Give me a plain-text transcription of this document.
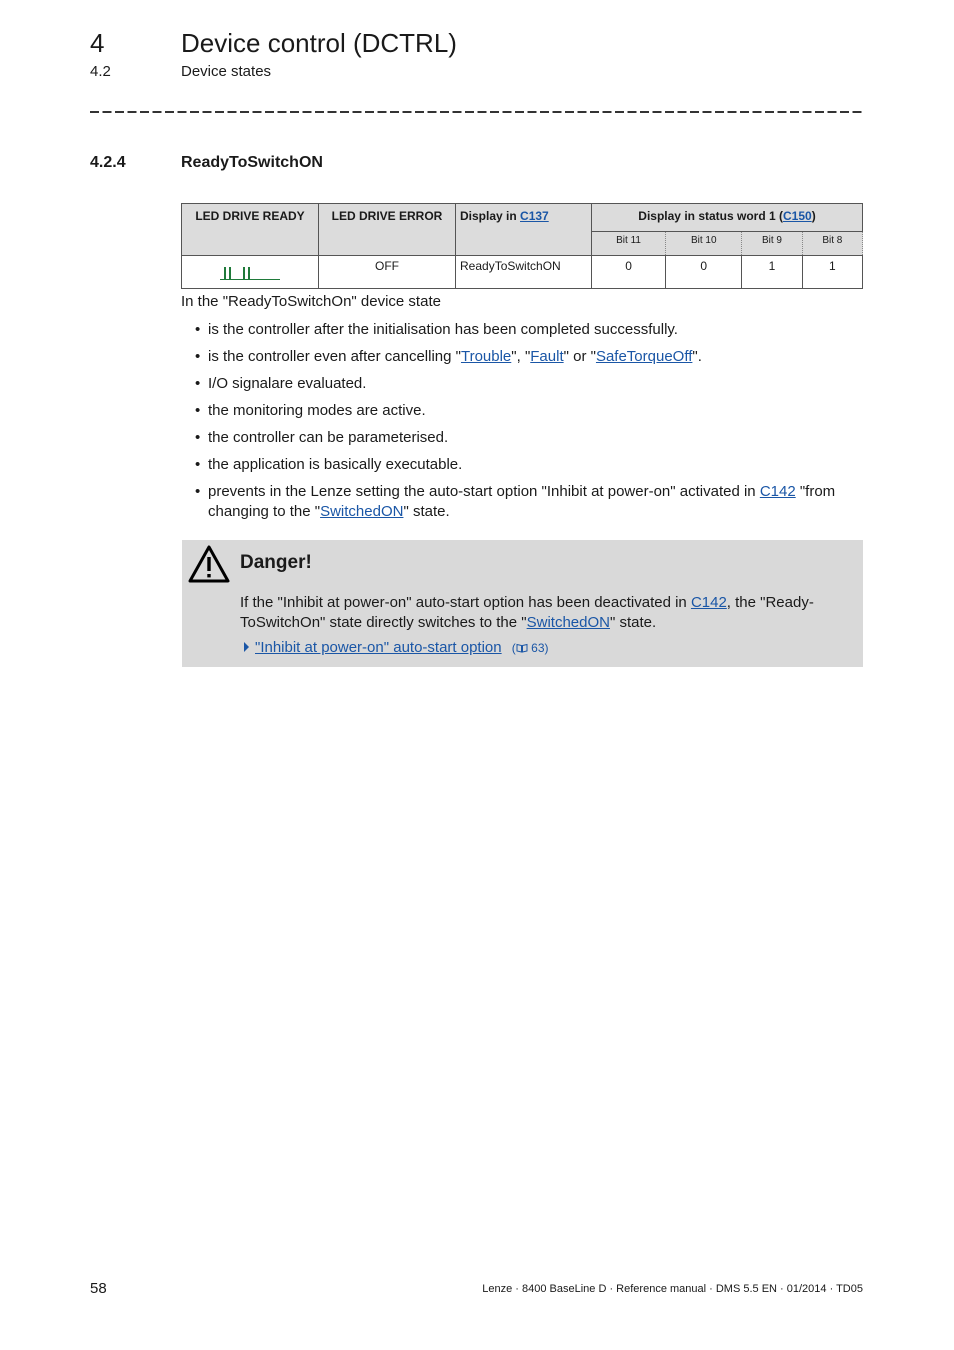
4	Device control (DCTRL)
4.2	Device states
4.2.4	ReadyToSwitchON
LED DRIVE READY	LED DRIVE ERROR	Display in C137	Display in status word 1 (C150)			
			Bit 11	Bit 10	Bit 9	Bit 8

	OFF	ReadyToSwitchON	0	0	1	1
In the "ReadyToSwitchOn" device state
• is the controller after the initialisation has been completed successfully.
• is the controller even after cancelling "Trouble", "Fault" or "SafeTorqueOff".
• I/O signalare evaluated.
• the monitoring modes are active.
• the controller can be parameterised.
• the application is basically executable.
• prevents in the Lenze setting the auto-start option "Inhibit at power-on" activated in C142 "from changing to the "SwitchedON" state.
Danger!
If the "Inhibit at power-on" auto-start option has been deactivated in C142, the "Ready-ToSwitchOn" state directly switches to the "SwitchedON" state.
"Inhibit at power-on" auto-start option ( 63)
58	Lenze · 8400 BaseLine D · Reference manual · DMS 5.5 EN · 01/2014 · TD05
